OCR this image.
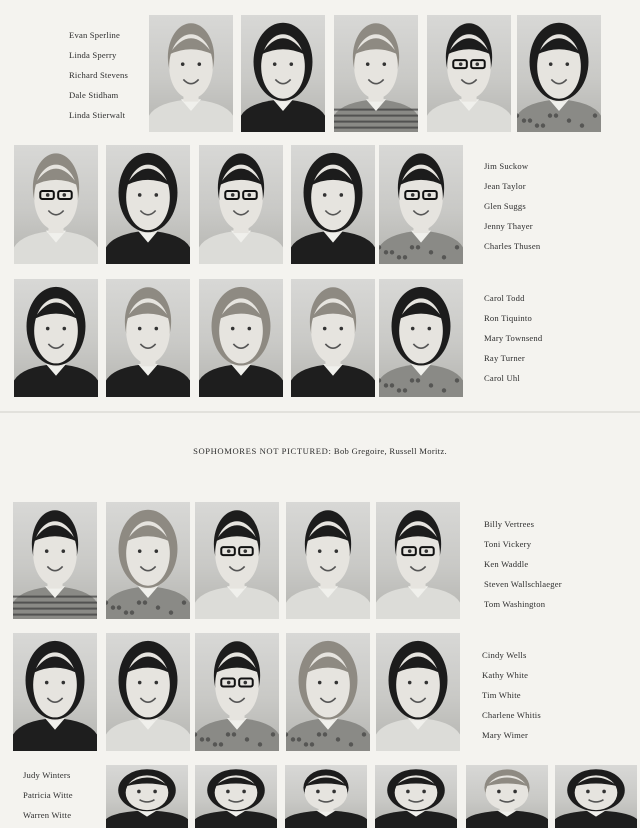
Evan Sperline
Linda Sperry
Richard Stevens
Dale Stidham
Linda Stierwalt
Jim Suckow
Jean Taylor
Glen Suggs
Jenny Thayer
Charles Thusen
Carol Todd
Ron Tiquinto
Mary Townsend
Ray Turner
Carol Uhl
SOPHOMORES NOT PICTURED: Bob Gregoire, Russell Moritz.
Billy Vertrees
Toni Vickery
Ken Waddle
Steven Wallschlaeger
Tom Washington
Cindy Wells
Kathy White
Tim White
Charlene Whitis
Mary Wimer
Judy Winters
Patricia Witte
Warren Witte
